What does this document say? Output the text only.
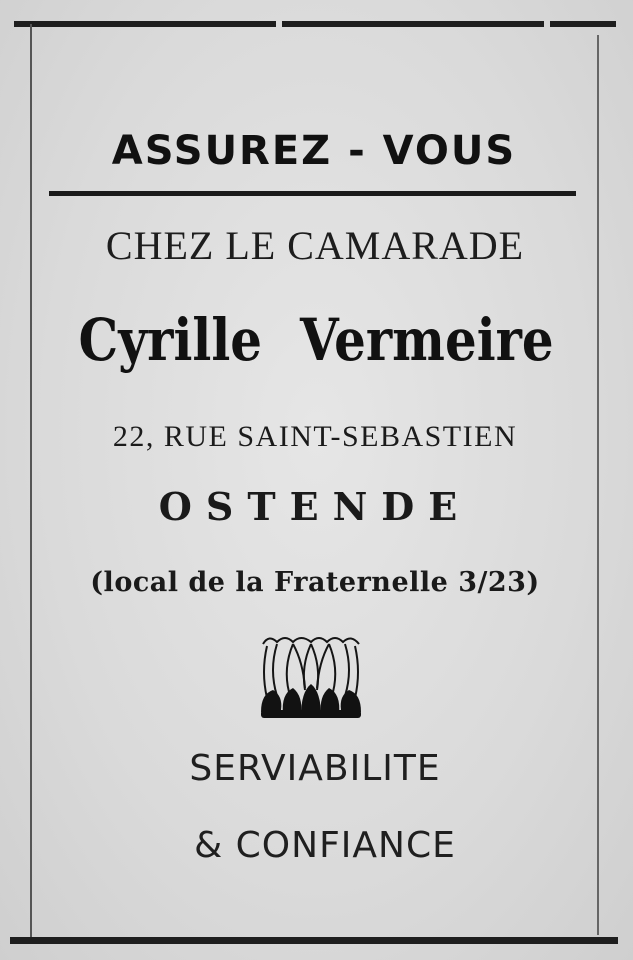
ASSUREZ - VOUS
CHEZ LE CAMARADE
Cyrille Vermeire
22, RUE SAINT-SEBASTIEN
OSTENDE
(local de la Fraternelle 3/23)
SERVIABILITE
& CONFIANCE
